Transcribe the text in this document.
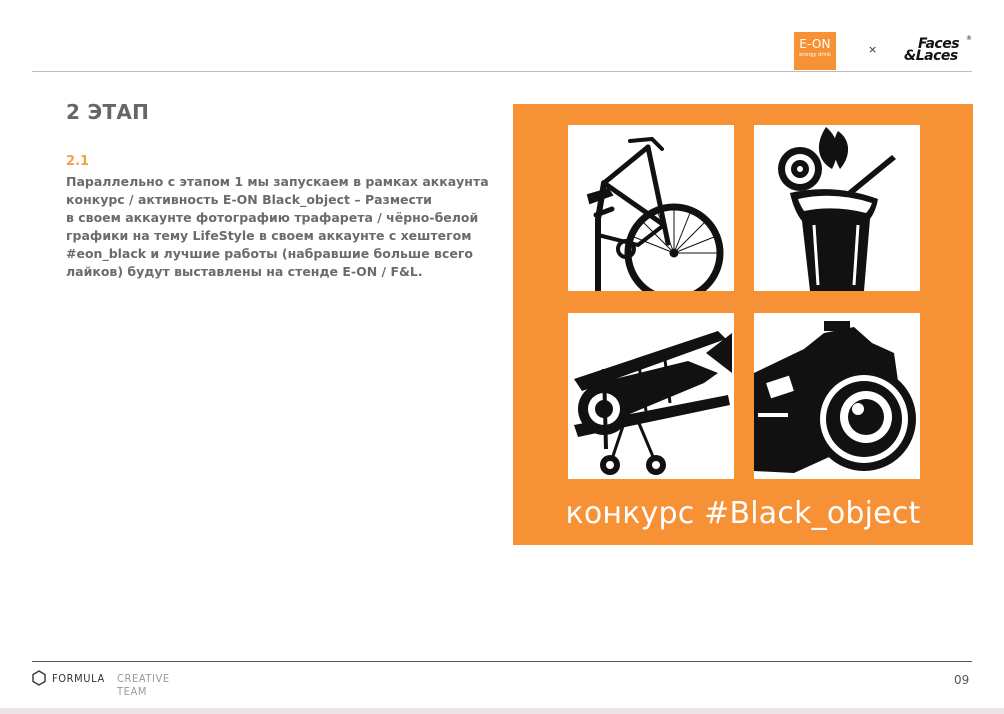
E-ON
energy drink	×	Faces
&Laces
®
2 ЭТАП
2.1
Параллельно с этапом 1 мы запускаем в рамках аккаунта
конкурс / активность E-ON Black_object – Размести
в своем аккаунте фотографию трафарета / чёрно-белой
графики на тему LifeStyle в своем аккаунте с хештегом
#eon_black и лучшие работы (набравшие больше всего
лайков) будут выставлены на стенде E-ON / F&L.
конкурс #Black_object
FORMULA CREATIVE TEAM
09
